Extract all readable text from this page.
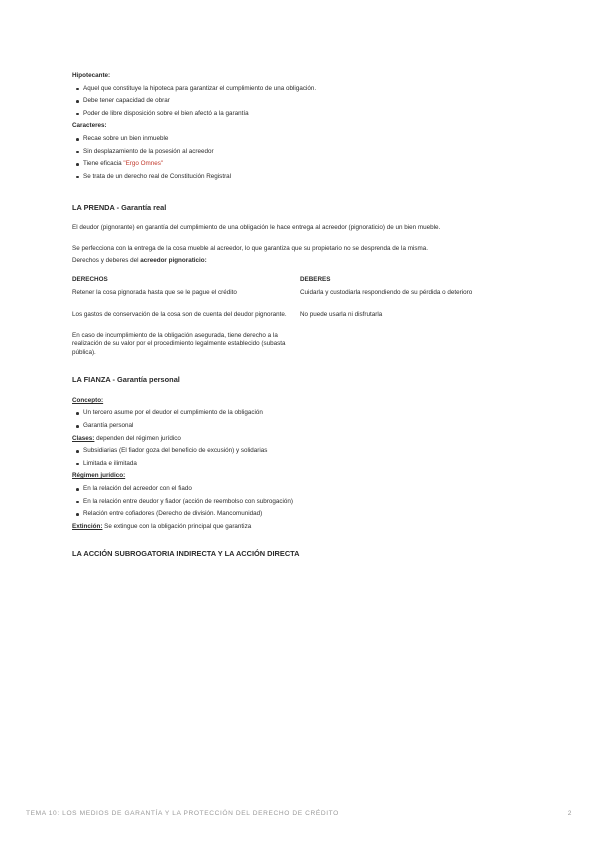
Hipotecante:

Aquel que constituye la hipoteca para garantizar el cumplimiento de una obligación.
Debe tener capacidad de obrar
Poder de libre disposición sobre el bien afectó a la garantía

Caracteres:

Recae sobre un bien inmueble
Sin desplazamiento de la posesión al acreedor
Tiene eficacia "Ergo Omnes"
Se trata de un derecho real de Constitución Registral

LA PRENDA - Garantía real

El deudor (pignorante) en garantía del cumplimiento de una obligación le hace entrega al acreedor (pignoraticio) de un bien mueble.

Se perfecciona con la entrega de la cosa mueble al acreedor, lo que garantiza que su propietario no se desprenda de la misma.

Derechos y deberes del acreedor pignoraticio:

DERECHOS	DEBERES
Retener la cosa pignorada hasta que se le pague el crédito	Cuidarla y custodiarla respondiendo de su pérdida o deterioro

Los gastos de conservación de la cosa son de cuenta del deudor pignorante.	No puede usarla ni disfrutarla

En caso de incumplimiento de la obligación asegurada, tiene derecho a la realización de su valor por el procedimiento legalmente establecido (subasta pública).	

LA FIANZA - Garantía personal

Concepto:

Un tercero asume por el deudor el cumplimiento de la obligación
Garantía personal

Clases: dependen del régimen jurídico

Subsidiarias (El fiador goza del beneficio de excusión) y solidarias
Limitada e ilimitada

Régimen jurídico:

En la relación del acreedor con el fiado
En la relación entre deudor y fiador (acción de reembolso con subrogación)
Relación entre cofiadores (Derecho de división. Mancomunidad)

Extinción: Se extingue con la obligación principal que garantiza

LA ACCIÓN SUBROGATORIA INDIRECTA Y LA ACCIÓN DIRECTA

TEMA 10: LOS MEDIOS DE GARANTÍA Y LA PROTECCIÓN DEL DERECHO DE CRÉDITO	2
